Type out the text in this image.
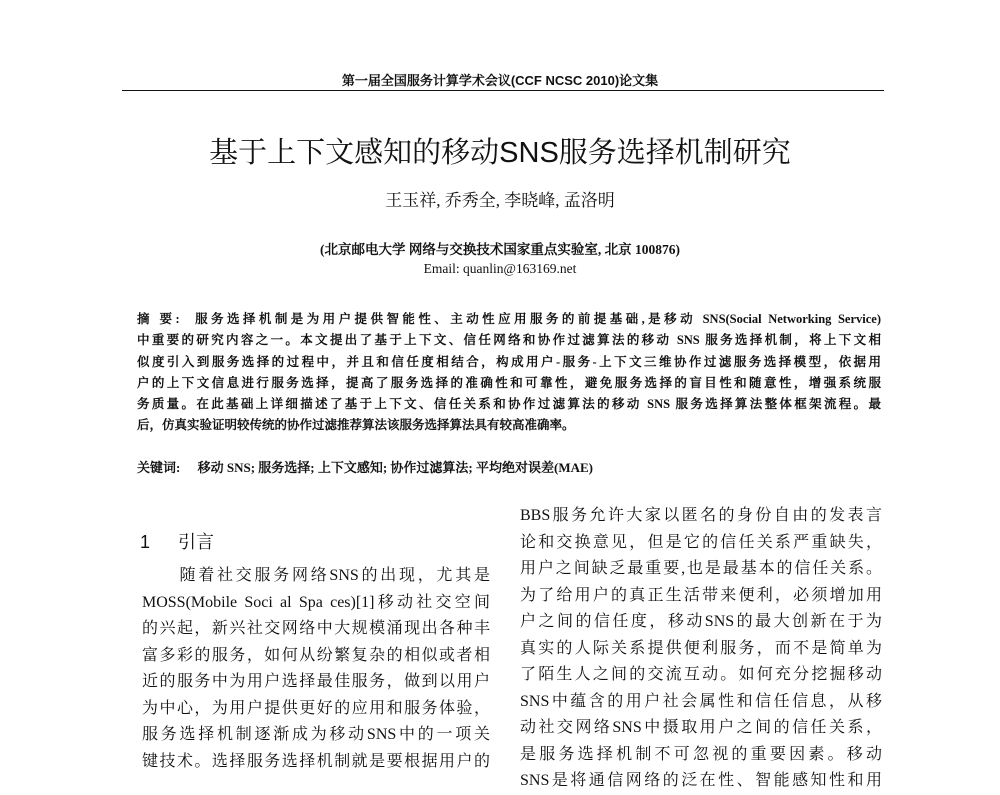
第一届全国服务计算学术会议(CCF NCSC 2010)论文集
基于上下文感知的移动SNS服务选择机制研究
王玉祥, 乔秀全, 李晓峰, 孟洛明
(北京邮电大学 网络与交换技术国家重点实验室, 北京 100876)
Email: quanlin@163169.net
摘 要: 服务选择机制是为用户提供智能性、主动性应用服务的前提基础,是移动 SNS(Social Networking Service)
中重要的研究内容之一。本文提出了基于上下文、信任网络和协作过滤算法的移动 SNS 服务选择机制，将上下文相
似度引入到服务选择的过程中，并且和信任度相结合，构成用户-服务-上下文三维协作过滤服务选择模型，依据用
户的上下文信息进行服务选择，提高了服务选择的准确性和可靠性，避免服务选择的盲目性和随意性，增强系统服
务质量。在此基础上详细描述了基于上下文、信任关系和协作过滤算法的移动 SNS 服务选择算法整体框架流程。最
后，仿真实验证明较传统的协作过滤推荐算法该服务选择算法具有较高准确率。
关键词: 移动 SNS; 服务选择; 上下文感知; 协作过滤算法; 平均绝对误差(MAE)
1 引言
　　随着社交服务网络SNS的出现，尤其是
MOSS(Mobile Soci al Spa ces)[1]移动社交空间
的兴起，新兴社交网络中大规模涌现出各种丰
富多彩的服务，如何从纷繁复杂的相似或者相
近的服务中为用户选择最佳服务，做到以用户
为中心，为用户提供更好的应用和服务体验，
服务选择机制逐渐成为移动SNS中的一项关
键技术。选择服务选择机制就是要根据用户的
BBS服务允许大家以匿名的身份自由的发表言
论和交换意见，但是它的信任关系严重缺失，
用户之间缺乏最重要,也是最基本的信任关系。
为了给用户的真正生活带来便利，必须增加用
户之间的信任度，移动SNS的最大创新在于为
真实的人际关系提供便利服务，而不是简单为
了陌生人之间的交流互动。如何充分挖掘移动
SNS中蕴含的用户社会属性和信任信息，从移
动社交网络SNS中摄取用户之间的信任关系，
是服务选择机制不可忽视的重要因素。移动
SNS是将通信网络的泛在性、智能感知性和用
